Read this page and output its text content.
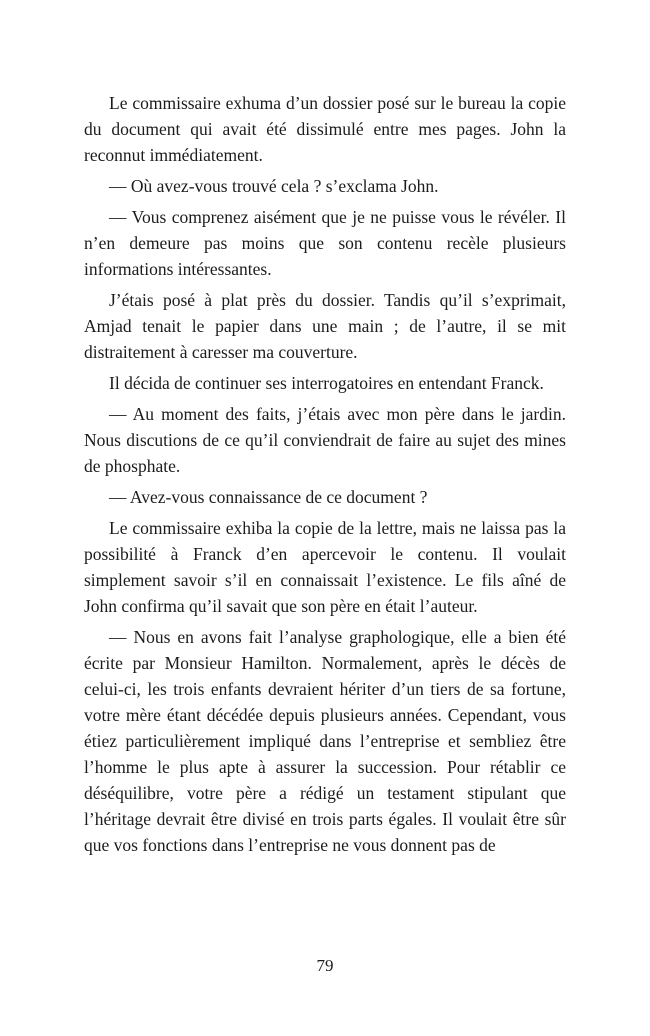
Le commissaire exhuma d’un dossier posé sur le bureau la copie du document qui avait été dissimulé entre mes pages. John la reconnut immédiatement.

— Où avez-vous trouvé cela ? s’exclama John.

— Vous comprenez aisément que je ne puisse vous le révéler. Il n’en demeure pas moins que son contenu recèle plusieurs informations intéressantes.

J’étais posé à plat près du dossier. Tandis qu’il s’exprimait, Amjad tenait le papier dans une main ; de l’autre, il se mit distraitement à caresser ma couverture.

Il décida de continuer ses interrogatoires en entendant Franck.

— Au moment des faits, j’étais avec mon père dans le jardin. Nous discutions de ce qu’il conviendrait de faire au sujet des mines de phosphate.

— Avez-vous connaissance de ce document ?

Le commissaire exhiba la copie de la lettre, mais ne laissa pas la possibilité à Franck d’en apercevoir le contenu. Il voulait simplement savoir s’il en connaissait l’existence. Le fils aîné de John confirma qu’il savait que son père en était l’auteur.

— Nous en avons fait l’analyse graphologique, elle a bien été écrite par Monsieur Hamilton. Normalement, après le décès de celui-ci, les trois enfants devraient hériter d’un tiers de sa fortune, votre mère étant décédée depuis plusieurs années. Cependant, vous étiez particulièrement impliqué dans l’entreprise et sembliez être l’homme le plus apte à assurer la succession. Pour rétablir ce déséquilibre, votre père a rédigé un testament stipulant que l’héritage devrait être divisé en trois parts égales. Il voulait être sûr que vos fonctions dans l’entreprise ne vous donnent pas de

79
